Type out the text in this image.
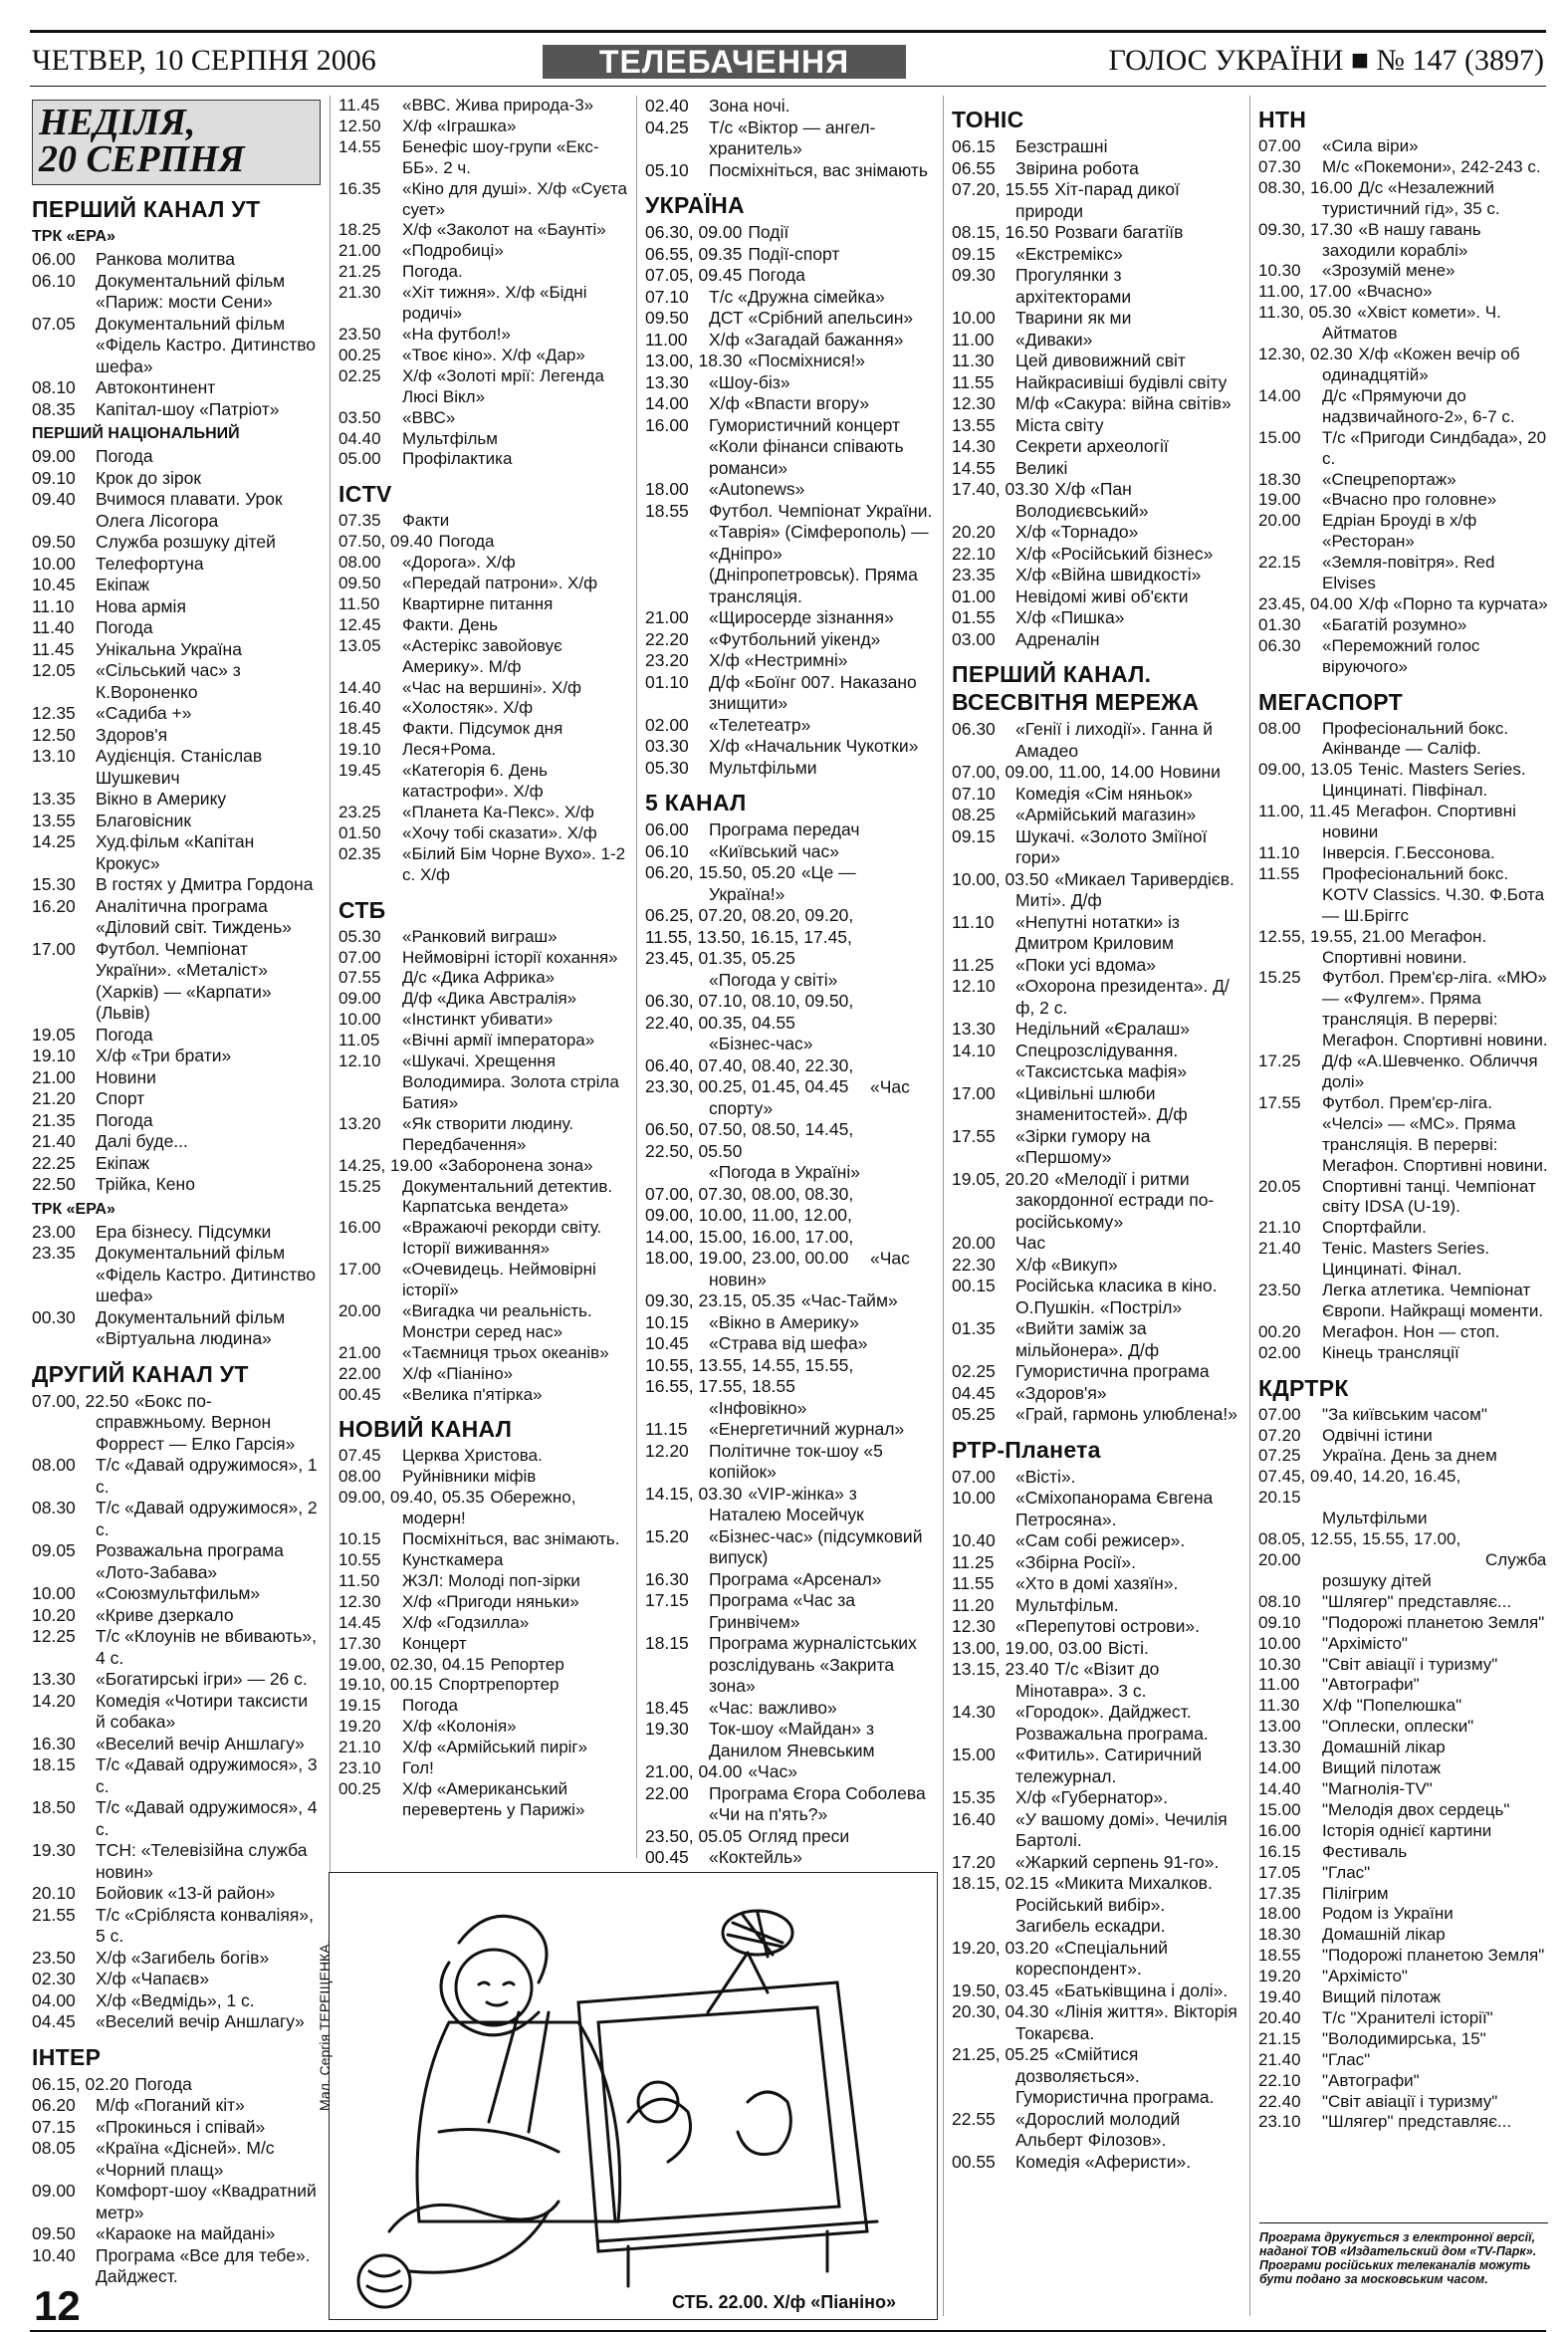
ЧЕТВЕР, 10 СЕРПНЯ 2006	ТЕЛЕБАЧЕННЯ	ГОЛОС УКРАЇНИ ■ № 147 (3897)
НЕДІЛЯ,
20 СЕРПНЯ
ПЕРШИЙ КАНАЛ УТ
ТРК «ЕРА»
06.00 Ранкова молитва
06.10 Документальний фільм «Париж: мости Сени»
07.05 Документальний фільм «Фідель Кастро. Дитинство шефа»
08.10 Автоконтинент
08.35 Капітал-шоу «Патріот»
ПЕРШИЙ НАЦІОНАЛЬНИЙ
09.00 Погода
09.10 Крок до зірок
09.40 Вчимося плавати. Урок Олега Лісогора
09.50 Служба розшуку дітей
10.00 Телефортуна
10.45 Екіпаж
11.10 Нова армія
11.40 Погода
11.45 Унікальна Україна
12.05 «Сільський час» з К.Вороненко
12.35 «Садиба +»
12.50 Здоров'я
13.10 Аудієнція. Станіслав Шушкевич
13.35 Вікно в Америку
13.55 Благовісник
14.25 Худ.фільм «Капітан Крокус»
15.30 В гостях у Дмитра Гордона
16.20 Аналітична програма «Діловий світ. Тиждень»
17.00 Футбол. Чемпіонат України». «Металіст» (Харків) — «Карпати» (Львів)
19.05 Погода
19.10 Х/ф «Три брати»
21.00 Новини
21.20 Спорт
21.35 Погода
21.40 Далі буде...
22.25 Екіпаж
22.50 Трійка, Кено
ТРК «ЕРА»
23.00 Ера бізнесу. Підсумки
23.35 Документальний фільм «Фідель Кастро. Дитинство шефа»
00.30 Документальний фільм «Віртуальна людина»
ДРУГИЙ КАНАЛ УТ
07.00, 22.50 «Бокс по-справжньому. Вернон Форрест — Елко Гарсія»
08.00 Т/с «Давай одружимося», 1 с.
08.30 Т/с «Давай одружимося», 2 с.
09.05 Розважальна програма «Лото-Забава»
10.00 «Союзмультфильм»
10.20 «Криве дзеркало
12.25 Т/с «Клоунів не вбивають», 4 с.
13.30 «Богатирські ігри» — 26 с.
14.20 Комедія «Чотири таксисти й собака»
16.30 «Веселий вечір Аншлагу»
18.15 Т/с «Давай одружимося», 3 с.
18.50 Т/с «Давай одружимося», 4 с.
19.30 ТСН: «Телевізійна служба новин»
20.10 Бойовик «13-й район»
21.55 Т/с «Срібляста конваліяя», 5 с.
23.50 Х/ф «Загибель богів»
02.30 Х/ф «Чапаєв»
04.00 Х/ф «Ведмідь», 1 с.
04.45 «Веселий вечір Аншлагу»
ІНТЕР
06.15, 02.20 Погода
06.20 М/ф «Поганий кіт»
07.15 «Прокинься і співай»
08.05 «Країна «Дісней». М/с «Чорний плащ»
09.00 Комфорт-шоу «Квадратний метр»
09.50 «Караоке на майдані»
10.40 Програма «Все для тебе». Дайджест.
11.45 «ВВС. Жива природа-3»
12.50 Х/ф «Іграшка»
14.55 Бенефіс шоу-групи «Екс-ББ». 2 ч.
16.35 «Кіно для душі». Х/ф «Суєта сует»
18.25 Х/ф «Заколот на «Баунті»
21.00 «Подробиці»
21.25 Погода.
21.30 «Хіт тижня». Х/ф «Бідні родичі»
23.50 «На футбол!»
00.25 «Твоє кіно». Х/ф «Дар»
02.25 Х/ф «Золоті мрії: Легенда Люсі Вікл»
03.50 «ВВС»
04.40 Мультфільм
05.00 Профілактика
ICTV
07.35 Факти
07.50, 09.40 Погода
08.00 «Дорога». Х/ф
09.50 «Передай патрони». Х/ф
11.50 Квартирне питання
12.45 Факти. День
13.05 «Астерікс завойовує Америку». М/ф
14.40 «Час на вершині». Х/ф
16.40 «Холостяк». Х/ф
18.45 Факти. Підсумок дня
19.10 Леся+Рома.
19.45 «Категорія 6. День катастрофи». Х/ф
23.25 «Планета Ка-Пекс». Х/ф
01.50 «Хочу тобі сказати». Х/ф
02.35 «Білий Бім Чорне Вухо». 1-2 с. Х/ф
СТБ
05.30 «Ранковий виграш»
07.00 Неймовірні історії кохання»
07.55 Д/с «Дика Африка»
09.00 Д/ф «Дика Австралія»
10.00 «Інстинкт убивати»
11.05 «Вічні армії імператора»
12.10 «Шукачі. Хрещення Володимира. Золота стріла Батия»
13.20 «Як створити людину. Передбачення»
14.25, 19.00 «Заборонена зона»
15.25 Документальний детектив. Карпатська вендета»
16.00 «Вражаючі рекорди світу. Історії виживання»
17.00 «Очевидець. Неймовірні історії»
20.00 «Вигадка чи реальність. Монстри серед нас»
21.00 «Таємниця трьох океанів»
22.00 Х/ф «Піаніно»
00.45 «Велика п'ятірка»
НОВИЙ КАНАЛ
07.45 Церква Христова.
08.00 Руйнівники міфів
09.00, 09.40, 05.35 Обережно, модерн!
10.15 Посміхніться, вас знімають.
10.55 Кунсткамера
11.50 ЖЗЛ: Молоді поп-зірки
12.30 Х/ф «Пригоди няньки»
14.45 Х/ф «Годзилла»
17.30 Концерт
19.00, 02.30, 04.15 Репортер
19.10, 00.15 Спортрепортер
19.15 Погода
19.20 Х/ф «Колонія»
21.10 Х/ф «Армійський пиріг»
23.10 Гол!
00.25 Х/ф «Американський перевертень у Парижі»
02.40 Зона ночі.
04.25 Т/с «Віктор — ангел-хранитель»
05.10 Посміхніться, вас знімають
УКРАЇНА
06.30, 09.00 Події
06.55, 09.35 Події-спорт
07.05, 09.45 Погода
07.10 Т/с «Дружна сімейка»
09.50 ДСТ «Срібний апельсин»
11.00 Х/ф «Загадай бажання»
13.00, 18.30 «Посміхнися!»
13.30 «Шоу-біз»
14.00 Х/ф «Впасти вгору»
16.00 Гумористичний концерт «Коли фінанси співають романси»
18.00 «Autonews»
18.55 Футбол. Чемпіонат України. «Таврія» (Сімферополь) — «Дніпро» (Дніпропетровськ). Пряма трансляція.
21.00 «Щиросерде зізнання»
22.20 «Футбольний уікенд»
23.20 Х/ф «Нестримні»
01.10 Д/ф «Боїнг 007. Наказано знищити»
02.00 «Телетеатр»
03.30 Х/ф «Начальник Чукотки»
05.30 Мультфільми
5 КАНАЛ
06.00 Програма передач
06.10 «Київський час»
06.20, 15.50, 05.20 «Це — Україна!»
06.25, 07.20, 08.20, 09.20, 11.55, 13.50, 16.15, 17.45, 23.45, 01.35, 05.25«Погода у світі»
06.30, 07.10, 08.10, 09.50, 22.40, 00.35, 04.55«Бізнес-час»
06.40, 07.40, 08.40, 22.30, 23.30, 00.25, 01.45, 04.45 «Час спорту»
06.50, 07.50, 08.50, 14.45, 22.50, 05.50«Погода в Україні»
07.00, 07.30, 08.00, 08.30, 09.00, 10.00, 11.00, 12.00, 14.00, 15.00, 16.00, 17.00, 18.00, 19.00, 23.00, 00.00 «Час новин»
09.30, 23.15, 05.35 «Час-Тайм»
10.15 «Вікно в Америку»
10.45 «Страва від шефа»
10.55, 13.55, 14.55, 15.55, 16.55, 17.55, 18.55«Інфовікно»
11.15 «Енергетичний журнал»
12.20 Політичне ток-шоу «5 копійок»
14.15, 03.30 «VIP-жінка» з Наталею Мосейчук
15.20 «Бізнес-час» (підсумковий випуск)
16.30 Програма «Арсенал»
17.15 Програма «Час за Гринвічем»
18.15 Програма журналістських розслідувань «Закрита зона»
18.45 «Час: важливо»
19.30 Ток-шоу «Майдан» з Данилом Яневським
21.00, 04.00 «Час»
22.00 Програма Єгора Соболева «Чи на п'ять?»
23.50, 05.05 Огляд преси
00.45 «Коктейль»
ТОНІС
06.15 Безстрашні
06.55 Звірина робота
07.20, 15.55 Хіт-парад дикої природи
08.15, 16.50 Розваги багатіїв
09.15 «Екстремікс»
09.30 Прогулянки з архітекторами
10.00 Тварини як ми
11.00 «Диваки»
11.30 Цей дивовижний світ
11.55 Найкрасивіші будівлі світу
12.30 М/ф «Сакура: війна світів»
13.55 Міста світу
14.30 Секрети археології
14.55 Великі
17.40, 03.30 Х/ф «Пан Володиєвський»
20.20 Х/ф «Торнадо»
22.10 Х/ф «Російський бізнес»
23.35 Х/ф «Війна швидкості»
01.00 Невідомі живі об'єкти
01.55 Х/ф «Пишка»
03.00 Адреналін
ПЕРШИЙ КАНАЛ. ВСЕСВІТНЯ МЕРЕЖА
06.30 «Генії і лиходії». Ганна й Амадео
07.00, 09.00, 11.00, 14.00 Новини
07.10 Комедія «Сім няньок»
08.25 «Армійський магазин»
09.15 Шукачі. «Золото Зміїної гори»
10.00, 03.50 «Микаел Таривердієв. Миті». Д/ф
11.10 «Непутні нотатки» із Дмитром Криловим
11.25 «Поки усі вдома»
12.10 «Охорона президента». Д/ф, 2 с.
13.30 Недільний «Єралаш»
14.10 Спецрозслідування. «Таксистська мафія»
17.00 «Цивільні шлюби знаменитостей». Д/ф
17.55 «Зірки гумору на «Першому»
19.05, 20.20 «Мелодії і ритми закордонної естради по-російському»
20.00 Час
22.30 Х/ф «Викуп»
00.15 Російська класика в кіно. О.Пушкін. «Постріл»
01.35 «Вийти заміж за мільйонера». Д/ф
02.25 Гумористична програма
04.45 «Здоров'я»
05.25 «Грай, гармонь улюблена!»
РТР-Планета
07.00 «Вісті».
10.00 «Сміхопанорама Євгена Петросяна».
10.40 «Сам собі режисер».
11.25 «Збірна Росії».
11.55 «Хто в домі хазяїн».
11.20 Мультфільм.
12.30 «Перепутові острови».
13.00, 19.00, 03.00 Вісті.
13.15, 23.40 Т/с «Візит до Мінотавра». 3 с.
14.30 «Городок». Дайджест. Розважальна програма.
15.00 «Фитиль». Сатиричний тележурнал.
15.35 Х/ф «Губернатор».
16.40 «У вашому домі». Чечилія Бартолі.
17.20 «Жаркий серпень 91-го».
18.15, 02.15 «Микита Михалков. Російський вибір». Загибель ескадри.
19.20, 03.20 «Спеціальний кореспондент».
19.50, 03.45 «Батьківщина і долі».
20.30, 04.30 «Лінія життя». Вікторія Токарєва.
21.25, 05.25 «Смійтися дозволяється». Гумористична програма.
22.55 «Дорослий молодий Альберт Філозов».
00.55 Комедія «Аферисти».
НТН
07.00 «Сила віри»
07.30 М/с «Покемони», 242-243 с.
08.30, 16.00 Д/с «Незалежний туристичний гід», 35 с.
09.30, 17.30 «В нашу гавань заходили кораблі»
10.30 «Зрозумій мене»
11.00, 17.00 «Вчасно»
11.30, 05.30 «Хвіст комети». Ч. Айтматов
12.30, 02.30 Х/ф «Кожен вечір об одинадцятій»
14.00 Д/с «Прямуючи до надзвичайного-2», 6-7 с.
15.00 Т/с «Пригоди Синдбада», 20 с.
18.30 «Спецрепортаж»
19.00 «Вчасно про головне»
20.00 Едріан Броуді в х/ф «Ресторан»
22.15 «Земля-повітря». Red Elvises
23.45, 04.00 Х/ф «Порно та курчата»
01.30 «Багатій розумно»
06.30 «Переможний голос віруючого»
МЕГАСПОРТ
08.00 Професіональний бокс. Акінванде — Саліф.
09.00, 13.05 Теніс. Masters Series. Цинцинаті. Півфінал.
11.00, 11.45 Мегафон. Спортивні новини
11.10 Інверсія. Г.Бессонова.
11.55 Професіональний бокс. KOTV Classics. Ч.30. Ф.Бота — Ш.Бріггс
12.55, 19.55, 21.00 Мегафон. Спортивні новини.
15.25 Футбол. Прем'єр-ліга. «МЮ» — «Фулгем». Пряма трансляція. В перерві: Мегафон. Спортивні новини.
17.25 Д/ф «А.Шевченко. Обличчя долі»
17.55 Футбол. Прем'єр-ліга. «Челсі» — «МС». Пряма трансляція. В перерві: Мегафон. Спортивні новини.
20.05 Спортивні танці. Чемпіонат світу IDSA (U-19).
21.10 Спортфайли.
21.40 Теніс. Masters Series. Цинцинаті. Фінал.
23.50 Легка атлетика. Чемпіонат Європи. Найкращі моменти.
00.20 Мегафон. Нон — стоп.
02.00 Кінець трансляції
КДРТРК
07.00 "За київським часом"
07.20 Одвічні істини
07.25 Україна. День за днем
07.45, 09.40, 14.20, 16.45, 20.15Мультфільми
08.05, 12.55, 15.55, 17.00, 20.00	Служба розшуку дітей
08.10 "Шлягер" представляє...
09.10 "Подорожі планетою Земля"
10.00 "Архімісто"
10.30 "Світ авіації і туризму"
11.00 "Автографи"
11.30 Х/ф "Попелюшка"
13.00 "Оплески, оплески"
13.30 Домашній лікар
14.00 Вищий пілотаж
14.40 "Магнолія-TV"
15.00 "Мелодія двох сердець"
16.00 Історія однієї картини
16.15 Фестиваль
17.05 "Глас"
17.35 Пілігрим
18.00 Родом із України
18.30 Домашній лікар
18.55 "Подорожі планетою Земля"
19.20 "Архімісто"
19.40 Вищий пілотаж
20.40 Т/с "Хранителі історії"
21.15 "Володимирська, 15"
21.40 "Глас"
22.10 "Автографи"
22.40 "Світ авіації і туризму"
23.10 "Шлягер" представляє...
Мал. Сергія ТЕРЕЩЕНКА.
Програма друкується з електронної версії, наданої ТОВ «Издательский дом «TV-Парк». Програми російських телеканалів можуть бути подано за московським часом.
12	СТБ. 22.00. Х/ф «Піаніно»
